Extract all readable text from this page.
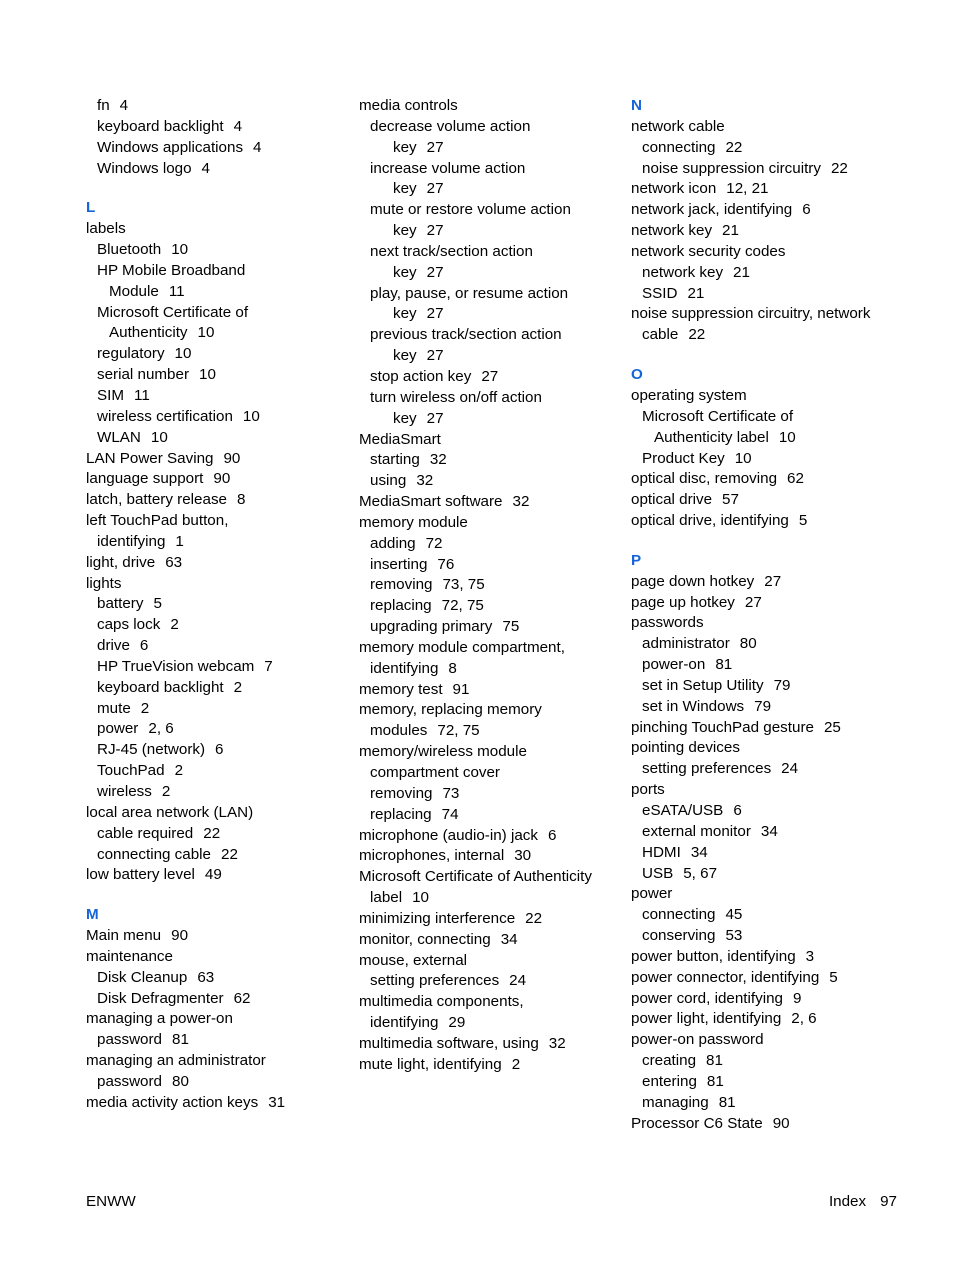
fn 4
keyboard backlight 4
Windows applications 4
Windows logo 4
L
labels
Bluetooth 10
HP Mobile Broadband
Module 11
Microsoft Certificate of
Authenticity 10
regulatory 10
serial number 10
SIM 11
wireless certification 10
WLAN 10
LAN Power Saving 90
language support 90
latch, battery release 8
left TouchPad button,
identifying 1
light, drive 63
lights
battery 5
caps lock 2
drive 6
HP TrueVision webcam 7
keyboard backlight 2
mute 2
power 2, 6
RJ-45 (network) 6
TouchPad 2
wireless 2
local area network (LAN)
cable required 22
connecting cable 22
low battery level 49
M
Main menu 90
maintenance
Disk Cleanup 63
Disk Defragmenter 62
managing a power-on
password 81
managing an administrator
password 80
media activity action keys 31
media controls
decrease volume action
key 27
increase volume action
key 27
mute or restore volume action
key 27
next track/section action
key 27
play, pause, or resume action
key 27
previous track/section action
key 27
stop action key 27
turn wireless on/off action
key 27
MediaSmart
starting 32
using 32
MediaSmart software 32
memory module
adding 72
inserting 76
removing 73, 75
replacing 72, 75
upgrading primary 75
memory module compartment,
identifying 8
memory test 91
memory, replacing memory
modules 72, 75
memory/wireless module
compartment cover
removing 73
replacing 74
microphone (audio-in) jack 6
microphones, internal 30
Microsoft Certificate of Authenticity
label 10
minimizing interference 22
monitor, connecting 34
mouse, external
setting preferences 24
multimedia components,
identifying 29
multimedia software, using 32
mute light, identifying 2
N
network cable
connecting 22
noise suppression circuitry 22
network icon 12, 21
network jack, identifying 6
network key 21
network security codes
network key 21
SSID 21
noise suppression circuitry, network
cable 22
O
operating system
Microsoft Certificate of
Authenticity label 10
Product Key 10
optical disc, removing 62
optical drive 57
optical drive, identifying 5
P
page down hotkey 27
page up hotkey 27
passwords
administrator 80
power-on 81
set in Setup Utility 79
set in Windows 79
pinching TouchPad gesture 25
pointing devices
setting preferences 24
ports
eSATA/USB 6
external monitor 34
HDMI 34
USB 5, 67
power
connecting 45
conserving 53
power button, identifying 3
power connector, identifying 5
power cord, identifying 9
power light, identifying 2, 6
power-on password
creating 81
entering 81
managing 81
Processor C6 State 90
ENWW	Index 97
